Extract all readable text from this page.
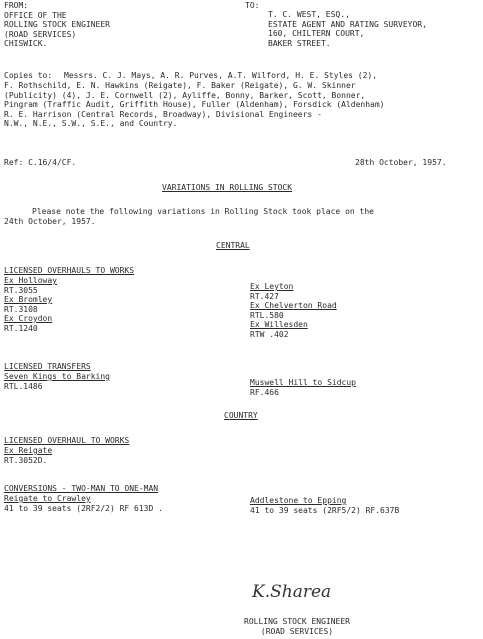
FROM:
OFFICE OF THE
ROLLING STOCK ENGINEER
(ROAD SERVICES)
CHISWICK.
TO:
T. C. WEST, ESQ.,
ESTATE AGENT AND RATING SURVEYOR,
160, CHILTERN COURT,
BAKER STREET.
Copies to: Messrs. C. J. Mays, A. R. Purves, A.T. Wilford, H. E. Styles (2),
F. Rothschild, E. N. Hawkins (Reigate), F. Baker (Reigate), G. W. Skinner
(Publicity) (4), J. E. Cornwell (2), Ayliffe, Bonny, Barker, Scott, Bonner,
Pingram (Traffic Audit, Griffith House), Fuller (Aldenham), Forsdick (Aldenham)
R. E. Harrison (Central Records, Broadway), Divisional Engineers -
N.W., N.E., S.W., S.E., and Country.
Ref: C.16/4/CF.	28th October, 1957.
VARIATIONS IN ROLLING STOCK
Please note the following variations in Rolling Stock took place on the
24th October, 1957.
CENTRAL
LICENSED OVERHAULS TO WORKS
Ex Holloway
RT.3055
Ex Bromley
RT.3108
Ex Croydon
RT.1240
Ex Leyton
RT.427
Ex Chelverton Road
RTL.580
Ex Willesden
RTW .402
LICENSED TRANSFERS
Seven Kings to Barking
RTL.1486	Muswell Hill to Sidcup
RF.466
COUNTRY
LICENSED OVERHAUL TO WORKS
Ex Reigate
RT.3052D.
CONVERSIONS - TWO-MAN TO ONE-MAN
Reigate to Crawley
41 to 39 seats (2RF2/2) RF 613D .
Addlestone to Epping
41 to 39 seats (2RF5/2) RF.637B
K.Sharea
ROLLING STOCK ENGINEER
(ROAD SERVICES)
